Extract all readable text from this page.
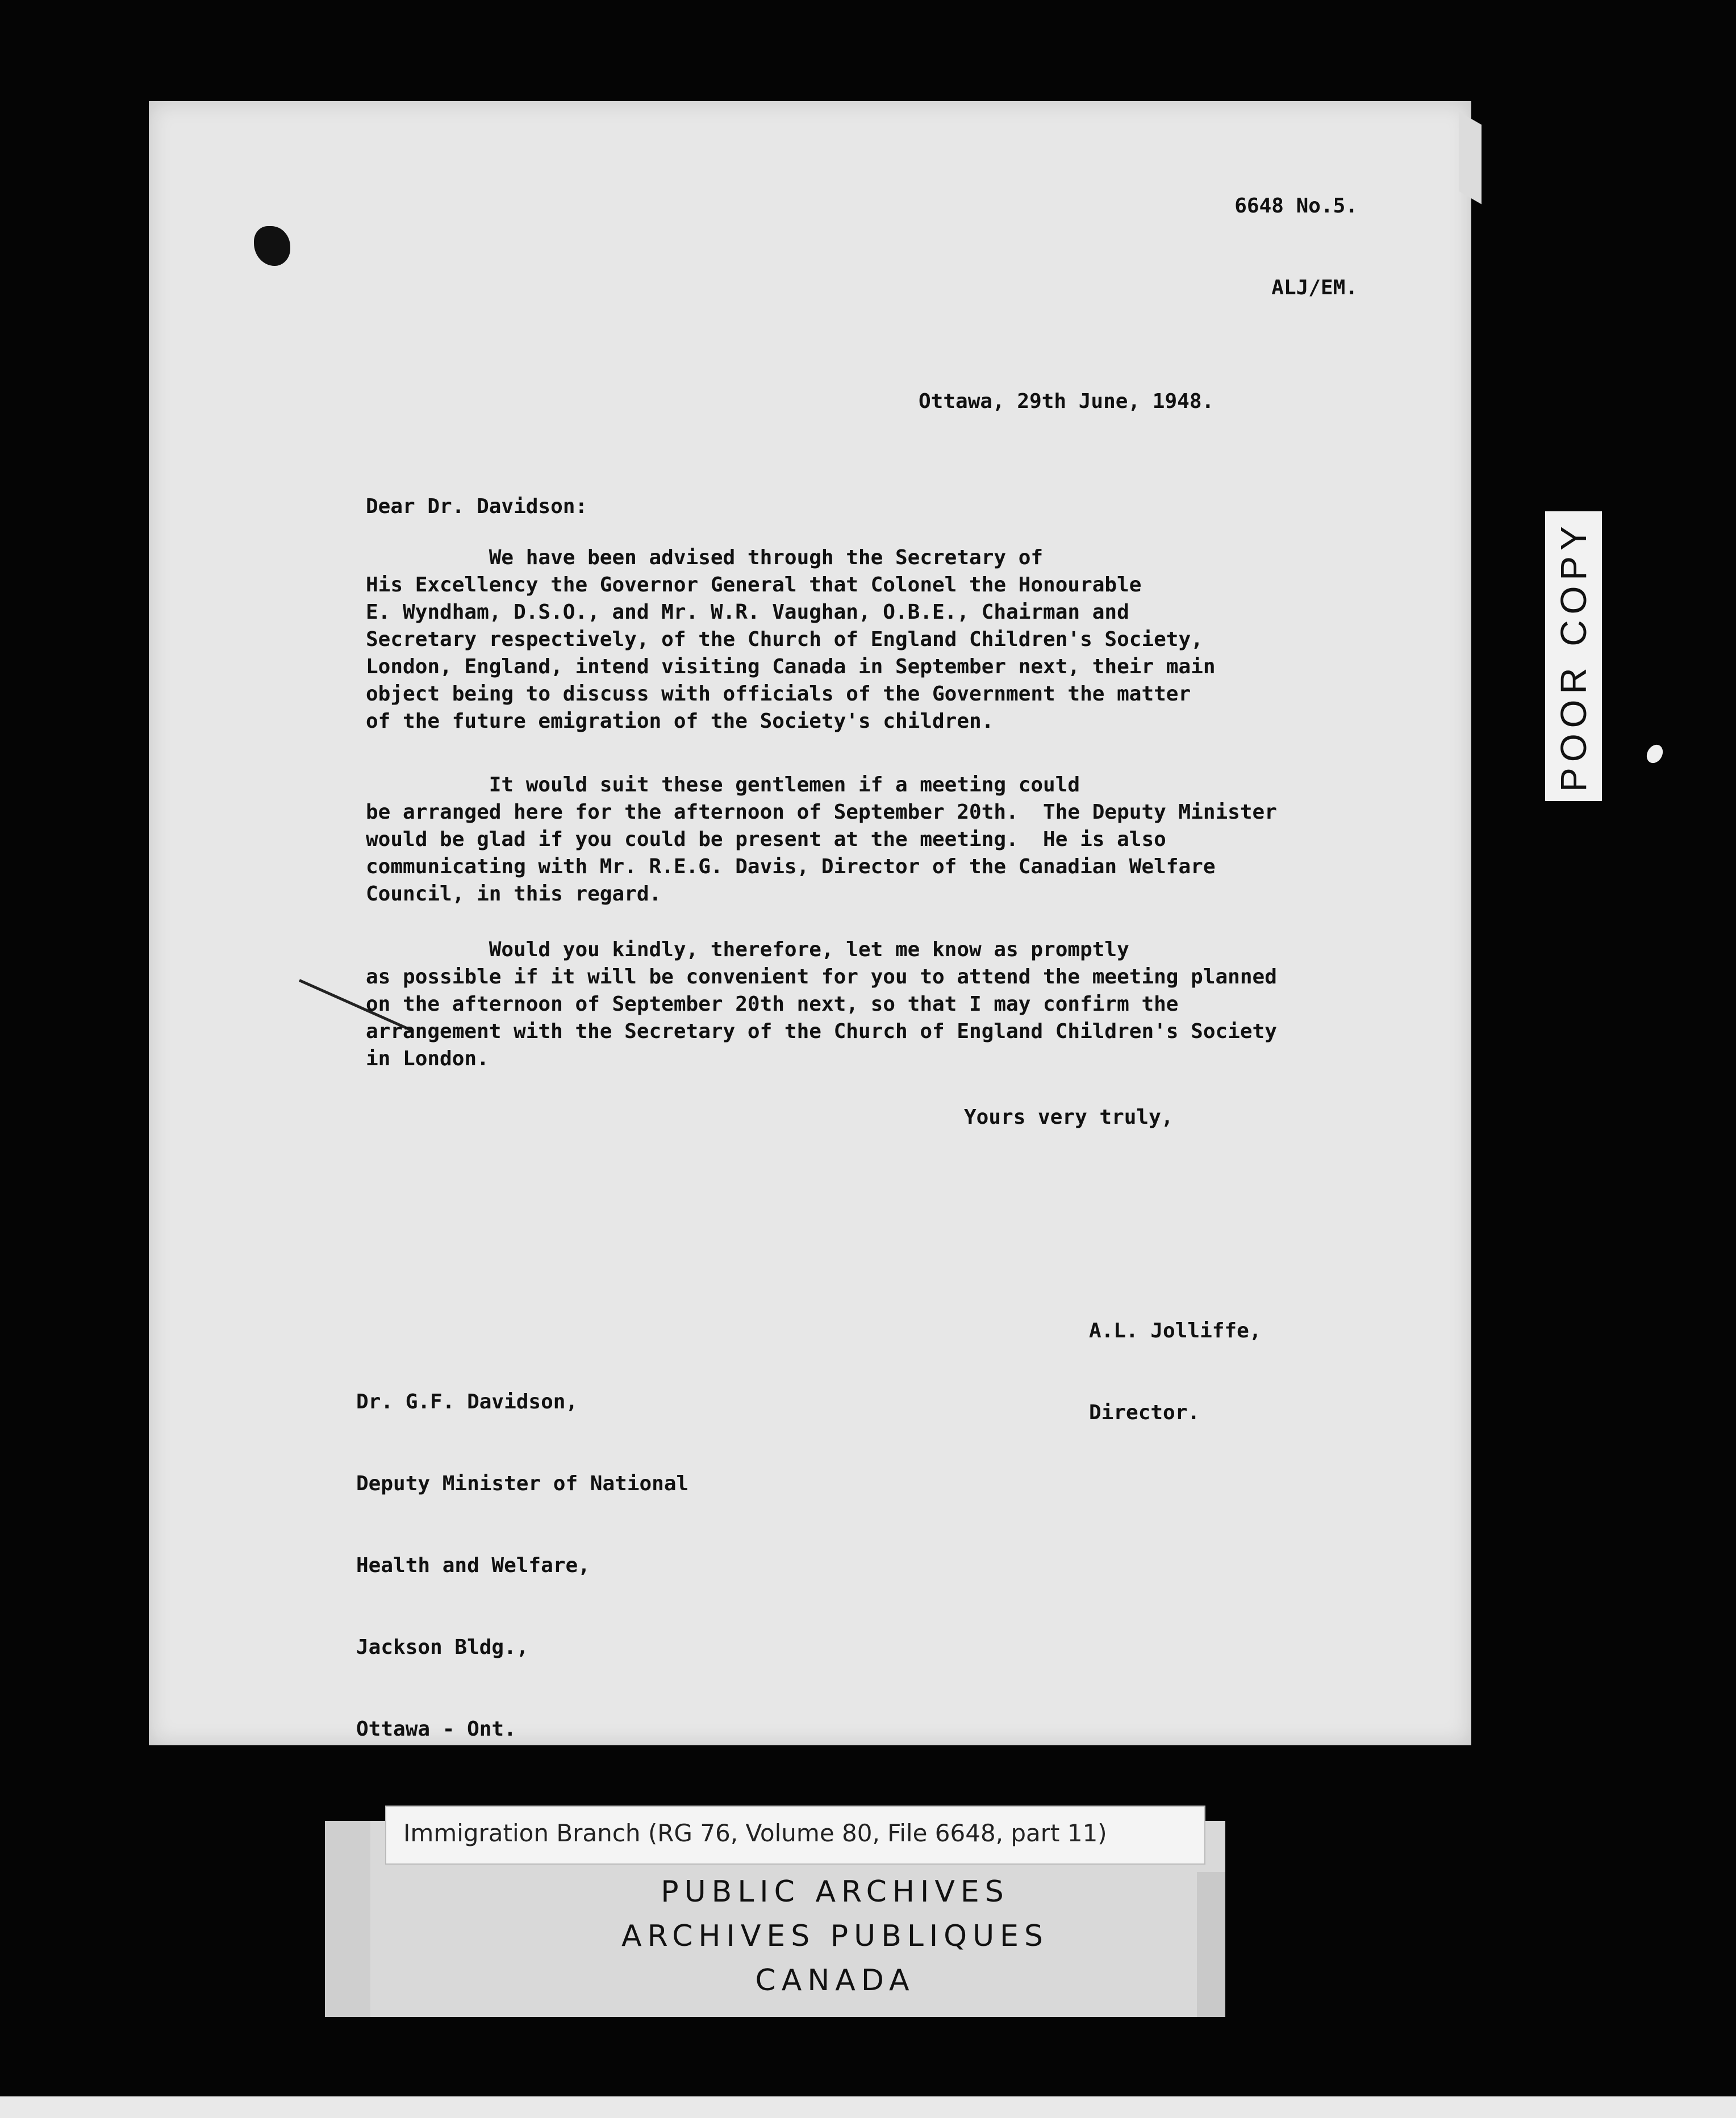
6648 No.5.

ALJ/EM.

Ottawa, 29th June, 1948.
Dear Dr. Davidson:
We have been advised through the Secretary of
His Excellency the Governor General that Colonel the Honourable
E. Wyndham, D.S.O., and Mr. W.R. Vaughan, O.B.E., Chairman and
Secretary respectively, of the Church of England Children's Society,
London, England, intend visiting Canada in September next, their main
object being to discuss with officials of the Government the matter
of the future emigration of the Society's children.
It would suit these gentlemen if a meeting could
be arranged here for the afternoon of September 20th.  The Deputy Minister
would be glad if you could be present at the meeting.  He is also
communicating with Mr. R.E.G. Davis, Director of the Canadian Welfare
Council, in this regard.
Would you kindly, therefore, let me know as promptly
as possible if it will be convenient for you to attend the meeting planned
on the afternoon of September 20th next, so that I may confirm the
arrangement with the Secretary of the Church of England Children's Society
in London.
Yours very truly,

A.L. Jolliffe,

Director.

Dr. G.F. Davidson,

Deputy Minister of National

Health and Welfare,

Jackson Bldg.,

Ottawa - Ont.

POOR COPY
Immigration Branch (RG 76, Volume 80, File 6648, part 11)
PUBLIC ARCHIVES
ARCHIVES PUBLIQUES
CANADA
